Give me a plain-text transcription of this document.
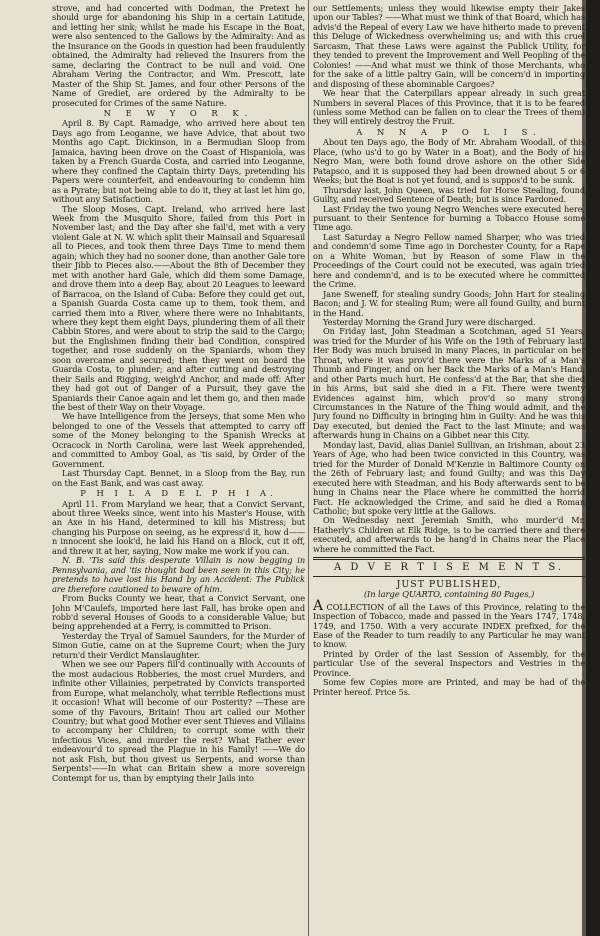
strove, and had concerted with Dodman, the Pretext he should urge for abandoning his Ship in a certain Latitude, and letting her sink; whilst he made his Escape in the Boat, were also sentenced to the Gallows by the Admiralty: And as the Insurance on the Goods in question had been fraudulently obtained, the Admiralty had relieved the Insurers from the same, declaring the Contract to be null and void. One Abraham Vering the Contractor, and Wm. Prescott, late Master of the Ship St. James, and four other Persons of the Name of Grediet, are ordered by the Admiralty to be prosecuted for Crimes of the same Nature.

N E W Y O R K.

April 8. By Capt. Ramadge, who arrived here about ten Days ago from Leoganne, we have Advice, that about two Months ago Capt. Dickinson, in a Bermudian Sloop from Jamaica, having been drove on the Coast of Hispaniola, was taken by a French Guarda Costa, and carried into Leoganne, where they confined the Captain thirty Days, pretending his Papers were counterfeit, and endeavouring to condemn him as a Pyrate; but not being able to do it, they at last let him go, without any Satisfaction.

The Sloop Moses, Capt. Ireland, who arrived here last Week from the Musquito Shore, failed from this Port in November last; and the Day after she fail'd, met with a very violent Gale at N. W. which split their Mainsail and Squaresail all to Pieces, and took them three Days Time to mend them again; which they had no sooner done, than another Gale tore their Jibb to Pieces also.——About the 8th of December they met with another hard Gale, which did them some Damage, and drove them into a deep Bay, about 20 Leagues to leeward of Barracoa, on the Island of Cuba: Before they could get out, a Spanish Guarda Costa came up to them, took them, and carried them into a River, where there were no Inhabitants, where they kept them eight Days, plundering them of all their Cabbin Stores, and were about to strip the said to the Cargo; but the Englishmen finding their bad Condition, conspired together, and rose suddenly on the Spaniards, whom they soon overcame and secured; then they went on board the Guarda Costa, to plunder; and after cutting and destroying their Sails and Rigging, weigh'd Anchor, and made off: After they had got out of Danger of a Pursuit, they gave the Spaniards their Canoe again and let them go, and then made the best of their Way on their Voyage.

We have Intelligence from the Jerseys, that some Men who belonged to one of the Vessels that attempted to carry off some of the Money belonging to the Spanish Wrecks at Ocracock in North Carolina, were last Week apprehended, and committed to Amboy Goal, as 'tis said, by Order of the Government.

Last Thursday Capt. Bennet, in a Sloop from the Bay, run on the East Bank, and was cast away.

P H I L A D E L P H I A.

April 11. From Maryland we hear, that a Convict Servant, about three Weeks since, went into his Master's House, with an Axe in his Hand, determined to kill his Mistress; but changing his Purpose on seeing, as he express'd it, how d——n innocent she look'd, he laid his Hand on a Block, cut it off, and threw it at her, saying, Now make me work if you can.

N. B. 'Tis said this desperate Villain is now begging in Pennsylvania, and 'tis thought bad been seen in this City; he pretends to have lost his Hand by an Accident: The Publick are therefore cautioned to beware of him.

From Bucks County we hear, that a Convict Servant, one John M'Caulefs, imported here last Fall, has broke open and robb'd several Houses of Goods to a considerable Value; but being apprehended at a Ferry, is committed to Prison.

Yesterday the Tryal of Samuel Saunders, for the Murder of Simon Gutie, came on at the Supreme Court; when the Jury return'd their Verdict Manslaughter.

When we see our Papers fill'd continually with Accounts of the most audacious Robberies, the most cruel Murders, and infinite other Villainies, perpetrated by Convicts transported from Europe, what melancholy, what terrible Reflections must it occasion! What will become of our Posterity? —These are some of thy Favours, Britain! Thou art called our Mother Country; but what good Mother ever sent Thieves and Villains to accompany her Children; to corrupt some with their infectious Vices, and murder the rest? What Father ever endeavour'd to spread the Plague in his Family! ——We do not ask Fish, but thou givest us Serpents, and worse than Serpents!——In what can Britain shew a more sovereign Contempt for us, than by emptying their Jails into

our Settlements; unless they would likewise empty their Jakes upon our Tables? ——What must we think of that Board, which has advis'd the Repeal of every Law we have hitherto made to prevent this Deluge of Wickedness overwhelming us; and with this cruel Sarcasm, That these Laws were against the Publick Utility, for they tended to prevent the Improvement and Well Peopling of the Colonies! ——And what must we think of those Merchants, who for the sake of a little paltry Gain, will be concern'd in importing and disposing of these abominable Cargoes?

We hear that the Caterpillars appear already in such great Numbers in several Places of this Province, that it is to be feared (unless some Method can be fallen on to clear the Trees of them) they will entirely destroy the Fruit.

A N N A P O L I S.

About ten Days ago, the Body of Mr. Abraham Woodall, of this Place, (who us'd to go by Water in a Boat), and the Body of his Negro Man, were both found drove ashore on the other Side Patapsco, and it is supposed they had been drowned about 5 or 6 Weeks; but the Boat is not yet found, and is suppos'd to be sunk.

Thursday last, John Queen, was tried for Horse Stealing, found Guilty, and received Sentence of Death; but is since Pardoned.

Last Friday the two young Negro Wenches were executed here, pursuant to their Sentence for burning a Tobacco House some Time ago.

Last Saturday a Negro Fellow named Sharper, who was tried and condemn'd some Time ago in Dorchester County, for a Rape on a White Woman, but by Reason of some Flaw in the Proceedings of the Court could not be executed, was again tried here and condemn'd, and is to be executed where he committed the Crime.

Jane Sweneff, for stealing sundry Goods; John Hart for stealing Bacon; and J. W. for stealing Rum; were all found Guilty, and burnt in the Hand.

Yesterday Morning the Grand Jury were discharged.

On Friday last, John Steadman a Scotchman, aged 51 Years, was tried for the Murder of his Wife on the 19th of February last. Her Body was much bruised in many Places, in particular on her Throat, where it was prov'd there were the Marks of a Man's Thumb and Finger, and on her Back the Marks of a Man's Hand; and other Parts much hurt. He confess'd at the Bar, that she died in his Arms, but said she died in a Fit. There were twenty Evidences against him, which prov'd so many strong Circumstances in the Nature of the Thing would admit, and the Jury found no Difficulty in bringing him in Guilty: And he was this Day executed, but denied the Fact to the last Minute; and was afterwards hung in Chains on a Gibbet near this City.

Monday last, David, alias Daniel Sullivan, an Irishman, about 23 Years of Age, who had been twice convicted in this Country, was tried for the Murder of Donald M'Kenzie in Baltimore County on the 26th of February last; and found Guilty; and was this Day executed here with Steadman, and his Body afterwards sent to be hung in Chains near the Place where he committed the horrid Fact. He acknowledged the Crime, and said he died a Roman Catholic; but spoke very little at the Gallows.

On Wednesday next Jeremiah Smith, who murder'd Mr. Hatherly's Children at Elk Ridge, is to be carried there and there executed, and afterwards to be hang'd in Chains near the Place where he committed the Fact.

A D V E R T I S E M E N T S.
JUST PUBLISHED,
(In large QUARTO, containing 80 Pages,)

A COLLECTION of all the Laws of this Province, relating to the Inspection of Tobacco, made and passed in the Years 1747, 1748, 1749, and 1750. With a very accurate INDEX prefixed, for the Ease of the Reader to turn readily to any Particular he may want to know.

Printed by Order of the last Session of Assembly, for the particular Use of the several Inspectors and Vestries in the Province.

Some few Copies more are Printed, and may be had of the Printer hereof. Price 5s.
